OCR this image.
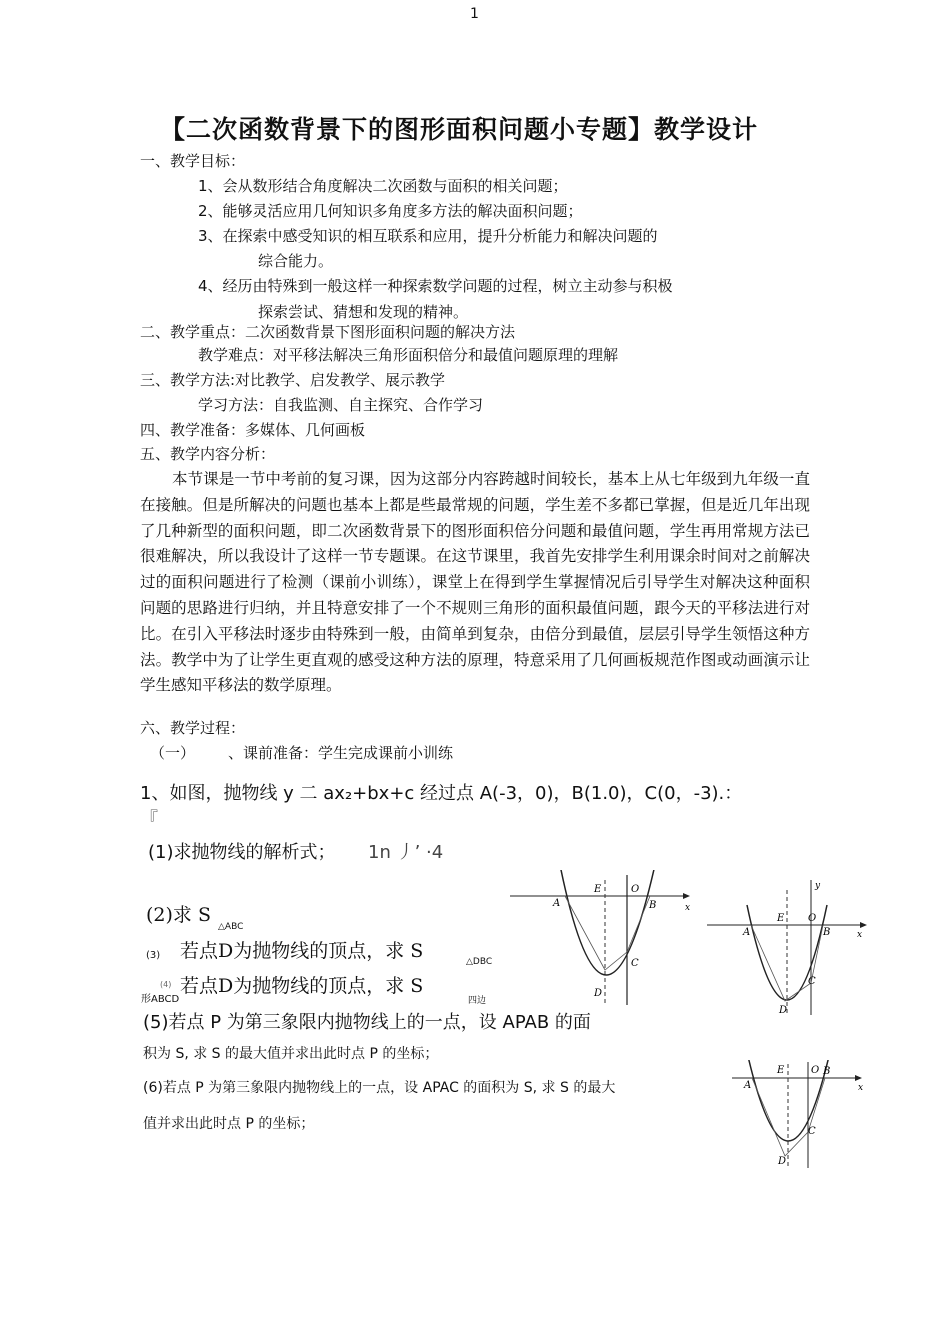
1
【二次函数背景下的图形面积问题小专题】教学设计
一、教学目标：
1、会从数形结合角度解决二次函数与面积的相关问题；
2、能够灵活应用几何知识多角度多方法的解决面积问题；
3、在探索中感受知识的相互联系和应用，提升分析能力和解决问题的
综合能力。
4、经历由特殊到一般这样一种探索数学问题的过程，树立主动参与积极
探索尝试、猜想和发现的精神。
二、教学重点：二次函数背景下图形面积问题的解决方法
教学难点：对平移法解决三角形面积倍分和最值问题原理的理解
三、教学方法:对比教学、启发教学、展示教学
学习方法：自我监测、自主探究、合作学习
四、教学准备：多媒体、几何画板
五、教学内容分析：

本节课是一节中考前的复习课，因为这部分内容跨越时间较长，基本上从七年级到九年级一直在接触。但是所解决的问题也基本上都是些最常规的问题，学生差不多都已掌握，但是近几年出现了几种新型的面积问题，即二次函数背景下的图形面积倍分问题和最值问题，学生再用常规方法已很难解决，所以我设计了这样一节专题课。在这节课里，我首先安排学生利用课余时间对之前解决过的面积问题进行了检测（课前小训练），课堂上在得到学生掌握情况后引导学生对解决这种面积问题的思路进行归纳，并且特意安排了一个不规则三角形的面积最值问题，跟今天的平移法进行对比。在引入平移法时逐步由特殊到一般，由简单到复杂，由倍分到最值，层层引导学生领悟这种方法。教学中为了让学生更直观的感受这种方法的原理，特意采用了几何画板规范作图或动画演示让学生感知平移法的数学原理。

六、教学过程：
（一） 、课前准备：学生完成课前小训练
1、如图，抛物线 y 二 ax₂+bx+c 经过点 A(-3，0)，B(1.0)，C(0，-3).：
『
(1)求抛物线的解析式； 1n 丿’ ·4
(2)求 S
△ABC
(3) 若点D为抛物线的顶点，求 S	△DBC
若点D为抛物线的顶点，求 S
四边
形ABCD
(4)
(5)若点 P 为第三象限内抛物线上的一点，设 APAB 的面
积为 S, 求 S 的最大值并求出此时点 P 的坐标；
(6)若点 P 为第三象限内抛物线上的一点，设 APAC 的面积为 S, 求 S 的最大
值并求出此时点 P 的坐标；
A	B
C
D
E	O
x
y
A	B
C
D
E O
x
A
B
C
D
E	O
x
